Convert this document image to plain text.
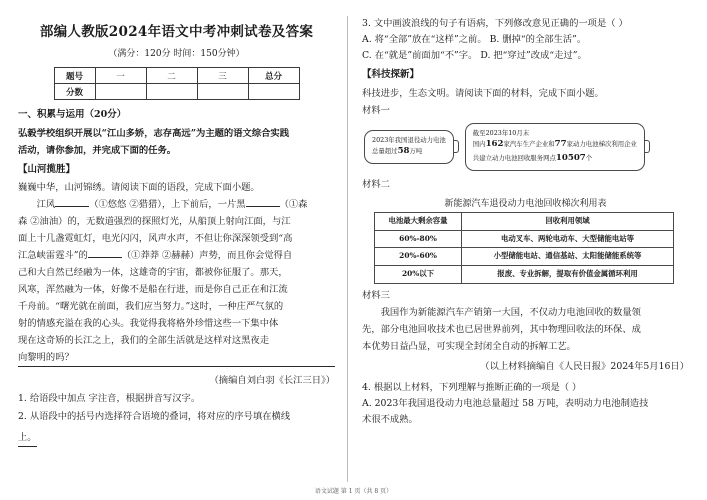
部编人教版2024年语文中考冲刺试卷及答案
（满分：120分 时间：150分钟）
题号	一	二	三	总分
分数				
一、积累与运用（20分）

弘毅学校组织开展以“江山多娇，志存高远”为主题的语文综合实践

活动，请你参加，并完成下面的任务。

【山河揽胜】

巍巍中华，山河锦绣。请阅读下面的语段，完成下面小题。

江风	（①悠悠 ②猎猎），上下前后，一片黑	（①森

森 ②油油）的，无数道强烈的探照灯光，从船顶上射向江面，与江

面上十几盏霓虹灯，电光闪闪，风声水声，不但让你深深领受到“高

江急峡雷霆斗”的	（①莽莽 ②赫赫）声势，而且你会觉得自

己和大自然已经融为一体，这雄奇的宇宙，都被你征服了。那天，

风寒，浑然融为一体，好像不是船在行进，而是你自己正在和江流

千舟前。“曙光就在前面，我们应当努力。”这时，一种庄严气氛的

射的情感充溢在我的心头。我觉得我将格外珍惜这些一下集中体

现在这奇矫的长江之上，我们的全部生活就是这样对这黑夜走

向黎明的吗？

（摘编自刘白羽《长江三日》）

1. 给语段中加点 字注音，根据拼音写汉字。

2. 从语段中的括号内选择符合语境的叠词，将对应的序号填在横线

上。

3. 文中画波浪线的句子有语病，下列修改意见正确的一项是（ ）

A. 将“全部”放在“这样”之前。 B. 删掉“的全部生活”。

C. 在“就是”前面加“不”字。 D. 把“穿过”改成“走过”。

【科技探新】

科技进步，生态文明。请阅读下面的材料，完成下面小题。

材料一

2023年我国退役动力电池
总量超过58万吨
截至2023年10月末
国内162家汽车生产企业和77家动力电池梯次利用企业
共建立动力电池回收服务网点10507个

材料二

新能源汽车退役动力电池回收梯次利用表
电池最大剩余容量	回收利用领域
60%-80%	电动叉车、两轮电动车、大型储能电站等
20%-60%	小型储能电站、通信基站、太阳能储能系统等
20%以下	报废、专业拆解，提取有价值金属循环利用

材料三

我国作为新能源汽车产销第一大国，不仅动力电池回收的数量领

先，部分电池回收技术也已居世界前列，其中物理回收法的环保、成

本优势日益凸显，可实现全封闭全自动的拆解工艺。

（以上材料摘编自《人民日报》2024年5月16日）

4. 根据以上材料，下列理解与推断正确的一项是（ ）

A. 2023年我国退役动力电池总量超过 58 万吨，表明动力电池制造技

术很不成熟。

语文试题 第 1 页（共 8 页）
